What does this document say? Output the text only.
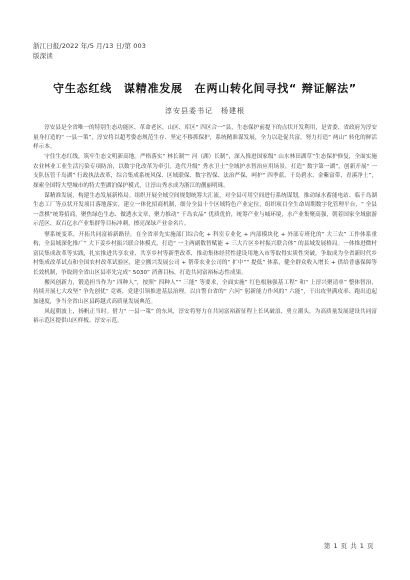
浙江日报/2022 年/5 月/13 日/第 003
版深读
守生态红线　谋精准发展　在两山转化间寻找“ 辩证解法”
淳安县委书记　杨建根

淳安县是全省唯一的特别生态功能区、革命老区，山区、库区“ 四区合一”县，生态保护前提下的点状开发利用，是省委、省政府为淳安量身打造的“ 一县一策”，淳安将以超考姿态规范生存、坚定不移抓保护，系统精准谋发展，全力以赴促共富，努力打造“ 两山” 转化的鲜活样示本。

守住生态红线，筑牢生态文明新高地。严格落实“ 林长制”“ 河（湖）长制”，深入推进国家级“ 山水林田湖草”生态保护修复，全面实施农业林业工业生活污染专项防治，以数字化改革为牵引，迭代升级“ 秀水卫士”全域护水智治应用场景，打造“ 数字第一湖”，创新开展“ 一支队伍管千岛湖” 行政执法改革，综合集成系统风保、区域联保、数字智保、法治严保，呵护“ 四季蓝、千岛碧水、金紫富带、青溪净土”，探索全国特大型城市的特大型湖泊保护模式，让淳山秀水成为浙江的靓丽明珠。

谋精准发展，构建生态发展新格局。组织开展全域空间规划统筹大汇流，对全县可用空间进行系统谋划，推动绿水蓄能电站、临千岛湖生态工厂等点状开发项目落地落实，建立一体化招商机制，细分全县十个区域特色产业定位，组织项目全生命周期数字化管理平台，“ 全县一盘棋”统筹招商，聚焦绿色生态、做透水文章，聚力推动“ 千岛农品” 优质优价，统筹产业与城环境，水产业集聚高强，朝着国家全域旅游示范区、双百亿水产业集群等目标冲刺，擦亮深绿产业金名片。

擘系统变革，开拓共同富裕新路径。在全省率先实施部门综合化 + 科室专业化 + 内部模块化 + 外部专班化的“ 大三农” 工作体系重构，全县域深化推广“ 大下姜乡村振兴联合体模式，打造“ 一主两副数智赋能 + 三大片区乡村振兴联合体” 的县域发展格局。一体推进微村富民集成改革等实践，扎实推进共享农业、共享乡村等新型改革，推动集体经营性建设用地入市等取得实质性突破，争取成为全省新时代乡村集成改革试点和全国农村改革试验区，建立搬兴发展公司 + 帮带农业公司的“ 扩中”“ 提低” 体系，健全群众收入增长 + 供给普惠保障等长效机制，争取到全省山区县率先完成“ 5030” 消薄目标，打造共同富裕标志性成果。

搬风创新力，锻造担当作为“ 四种人”，按照“ 四种人”“ 三能” 等要求，全面实施“ 红色根脉强基工程” 和“ 上淳兴聚清单” 整体智治，持续开展七大攻坚“ 争先创优” 竞赛，党建引领推进基层治理，以自警自省的“ 六问” 躬新能力作风的“ 六能”，干出攻坚满攻率、跑出追起加速度，争当全省山区县跨越式高质量发展典范。

风起朝波上，扬帆正当时。借力“ 一县一策” 的东风，淳安将努力在共同富裕新征程上长风破浪、勇立潮头，为高质量发展建设共同富裕示范区提供山区样板、淳安示范。

第 1 页 共 1 页
